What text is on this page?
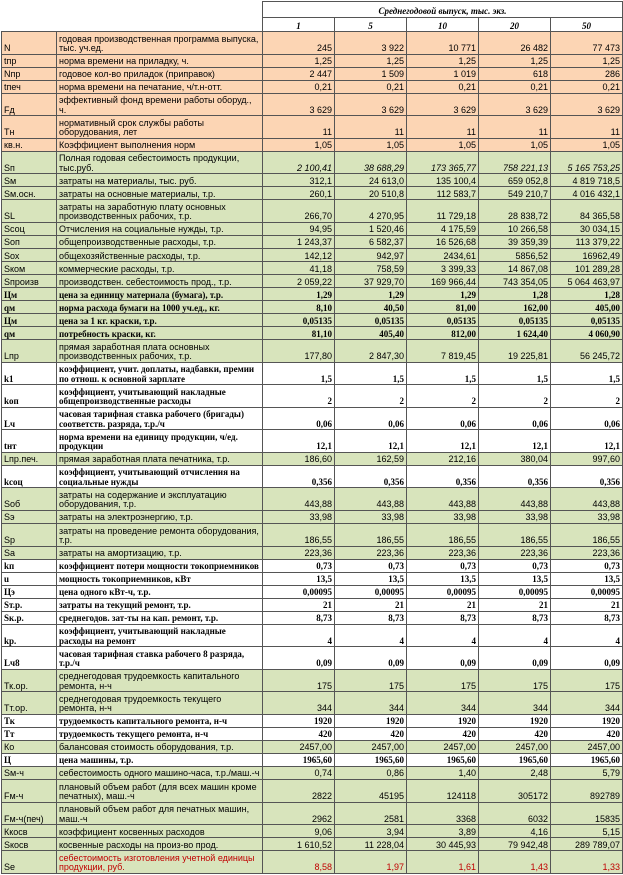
		Среднегодовой выпуск, тыс. экз.				
		1	5	10	20	50
N	годовая производственная программа выпуска, тыс. уч.ед.	245	3 922	10 771	26 482	77 473
tпр	норма времени на приладку, ч.	1,25	1,25	1,25	1,25	1,25
Nпр	годовое кол-во приладок (приправок)	2 447	1 509	1 019	618	286
tпеч	норма времени на печатание, ч/т.н-отт.	0,21	0,21	0,21	0,21	0,21
Fд	эффективный фонд времени работы оборуд., ч.	3 629	3 629	3 629	3 629	3 629
Тн	нормативный срок службы работы оборудования, лет	11	11	11	11	11
кв.н.	Коэффициент выполнения норм	1,05	1,05	1,05	1,05	1,05
Sп	Полная годовая себестоимость продукции, тыс.руб.	2 100,41	38 688,29	173 365,77	758 221,13	5 165 753,25
Sм	затраты на материалы, тыс. руб.	312,1	24 613,0	135 100,4	659 052,8	4 819 718,5
Sм.осн.	затраты на основные материалы, т.р.	260,1	20 510,8	112 583,7	549 210,7	4 016 432,1
SL	затраты на заработную плату основных производственных рабочих, т.р.	266,70	4 270,95	11 729,18	28 838,72	84 365,58
Sсоц	Отчисления на социальные нужды, т.р.	94,95	1 520,46	4 175,59	10 266,58	30 034,15
Sоп	общепроизводственные расходы, т.р.	1 243,37	6 582,37	16 526,68	39 359,39	113 379,22
Sох	общехозяйственные расходы, т.р.	142,12	942,97	2434,61	5856,52	16962,49
Sком	коммерческие расходы, т.р.	41,18	758,59	3 399,33	14 867,08	101 289,28
Sпроизв	производствен. себестоимость прод., т.р.	2 059,22	37 929,70	169 966,44	743 354,05	5 064 463,97
Цм	цена за единицу материала (бумага), т.р.	1,29	1,29	1,29	1,28	1,28
qм	норма расхода бумаги на 1000 уч.ед., кг.	8,10	40,50	81,00	162,00	405,00
Цм	цена за 1 кг. краски, т.р.	0,05135	0,05135	0,05135	0,05135	0,05135
qм	потребность краски, кг.	81,10	405,40	812,00	1 624,40	4 060,90
Lпр	прямая заработная плата основных производственных рабочих, т.р.	177,80	2 847,30	7 819,45	19 225,81	56 245,72
k1	коэффициент, учит. доплаты, надбавки, премии по отнош. к основной зарплате	1,5	1,5	1,5	1,5	1,5
kоп	коэффициент, учитывающий накладные общепроизводственные расходы	2	2	2	2	2
Lч	часовая тарифная ставка рабочего (бригады) соответств. разряда, т.р./ч	0,06	0,06	0,06	0,06	0,06
tнт	норма времени на единицу продукции, ч/ед. продукции	12,1	12,1	12,1	12,1	12,1
Lпр.печ.	прямая заработная плата печатника, т.р.	186,60	162,59	212,16	380,04	997,60
kсоц	коэффициент, учитывающий отчисления на социальные нужды	0,356	0,356	0,356	0,356	0,356
Sоб	затраты на содержание и эксплуатацию оборудования, т.р.	443,88	443,88	443,88	443,88	443,88
Sэ	затраты на электроэнергию, т.р.	33,98	33,98	33,98	33,98	33,98
Sр	затраты на проведение ремонта оборудования, т.р.	186,55	186,55	186,55	186,55	186,55
Sа	затраты на амортизацию, т.р.	223,36	223,36	223,36	223,36	223,36
kп	коэффициент потери мощности токоприемников	0,73	0,73	0,73	0,73	0,73
u	мощность токоприемников, кВт	13,5	13,5	13,5	13,5	13,5
Цэ	цена одного кВт-ч, т.р.	0,00095	0,00095	0,00095	0,00095	0,00095
Sт.р.	затраты на текущий ремонт, т.р.	21	21	21	21	21
Sк.р.	среднегодов. зат-ты на кап. ремонт, т.р.	8,73	8,73	8,73	8,73	8,73
kр.	коэффициент, учитывающий накладные расходы на ремонт	4	4	4	4	4
Lч8	часовая тарифная ставка рабочего 8 разряда, т.р./ч	0,09	0,09	0,09	0,09	0,09
Тк.ор.	среднегодовая трудоемкость капитального ремонта, н-ч	175	175	175	175	175
Тт.ор.	среднегодовая трудоемкость текущего ремонта, н-ч	344	344	344	344	344
Тк	трудоемкость капитального ремонта, н-ч	1920	1920	1920	1920	1920
Тт	трудоемкость текущего ремонта, н-ч	420	420	420	420	420
Ко	балансовая стоимость оборудования, т.р.	2457,00	2457,00	2457,00	2457,00	2457,00
Ц	цена машины, т.р.	1965,60	1965,60	1965,60	1965,60	1965,60
Sм-ч	себестоимость одного машино-часа, т.р./маш.-ч	0,74	0,86	1,40	2,48	5,79
Fм-ч	плановый объем работ (для всех машин кроме печатных), маш.-ч	2822	45195	124118	305172	892789
Fм-ч(печ)	плановый объем работ для печатных машин, маш.-ч	2962	2581	3368	6032	15835
Ккосв	коэффициент косвенных расходов	9,06	3,94	3,89	4,16	5,15
Sкосв	косвенные расходы на произ-во прод.	1 610,52	11 228,04	30 445,93	79 942,48	289 789,07
Se	себестоимость изготовления учетной единицы продукции, руб.	8,58	1,97	1,61	1,43	1,33
